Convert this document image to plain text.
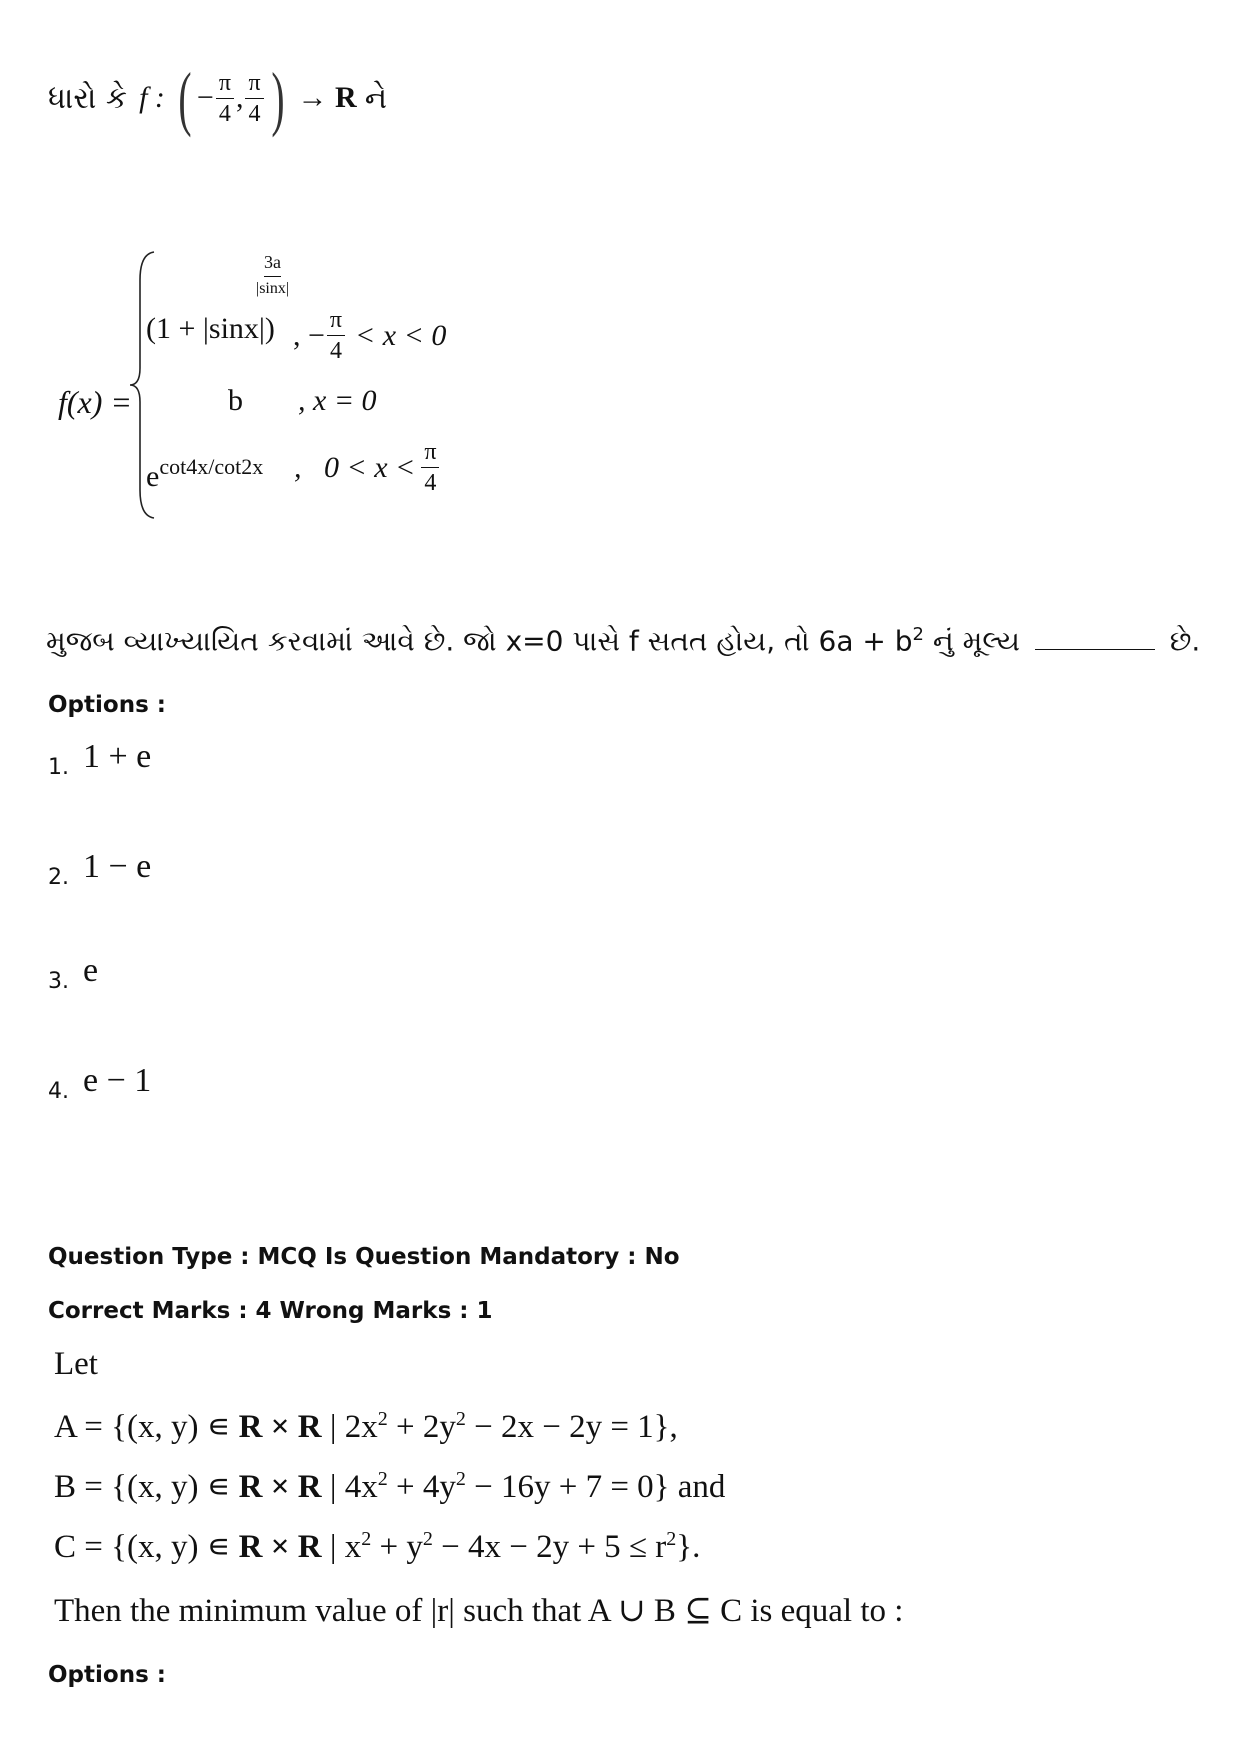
ધારો કે f : ( − $\frac{\pi}{4}$ , $\frac{\pi}{4}$ ) → R ને
f(x) =
(1 + |sinx|)
3a
|sinx|
, − $\frac{\pi}{4} < x < 0$
b , x = 0
$e^{cot4x/cot2x}$ ,   $0 < x < \frac{\pi}{4}$
મુજબ વ્યાખ્યાયિત કરવામાં આવે છે. જો x=0 પાસે f સતત હોય, તો $6a + b^2$ નું મૂલ્ય	છે.
Options :
1. 1 + e
2. 1 − e
3. e
4. e − 1
Question Type : MCQ Is Question Mandatory : No
Correct Marks : 4 Wrong Marks : 1
Let
A = {(x, y) ∊ R × R | $2x^2 + 2y^2 - 2x - 2y = 1$},
B = {(x, y) ∊ R × R | $4x^2 + 4y^2 - 16y + 7 = 0$} and
C = {(x, y) ∊ R × R | $x^2 + y^2 - 4x - 2y + 5 \le r^2$}.
Then the minimum value of |r| such that A ∪ B ⊆ C is equal to :
Options :
